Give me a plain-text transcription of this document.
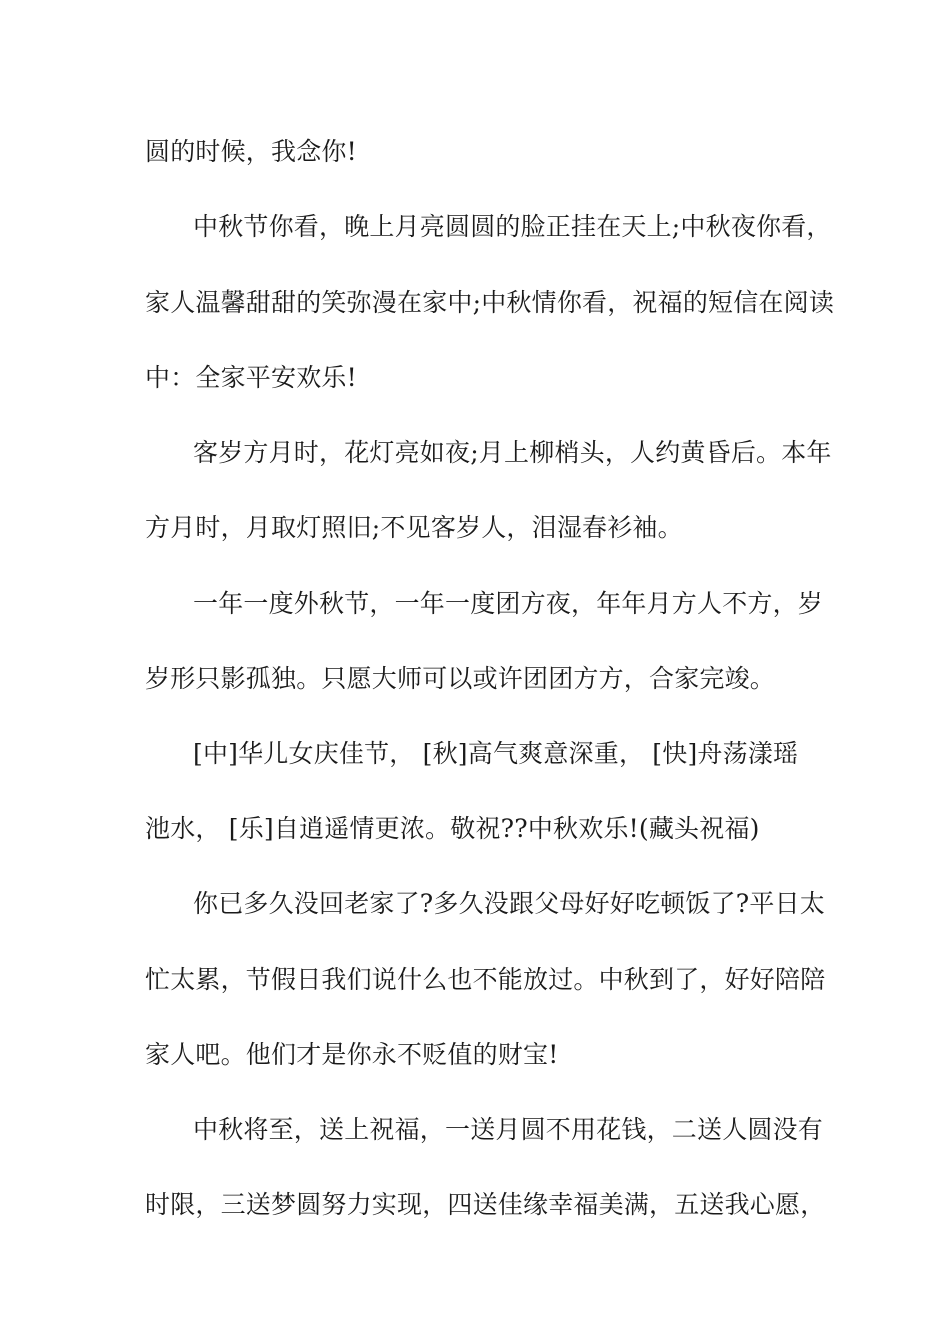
圆的时候，我念你!
中秋节你看，晚上月亮圆圆的脸正挂在天上;中秋夜你看，
家人温馨甜甜的笑弥漫在家中;中秋情你看，祝福的短信在阅读
中：全家平安欢乐!
客岁方月时，花灯亮如夜;月上柳梢头，人约黄昏后。本年
方月时，月取灯照旧;不见客岁人，泪湿春衫袖。
一年一度外秋节，一年一度团方夜，年年月方人不方，岁
岁形只影孤独。只愿大师可以或许团团方方，合家完竣。
[中]华儿女庆佳节， [秋]高气爽意深重， [快]舟荡漾瑶
池水， [乐]自逍遥情更浓。敬祝??中秋欢乐!(藏头祝福)
你已多久没回老家了?多久没跟父母好好吃顿饭了?平日太
忙太累，节假日我们说什么也不能放过。中秋到了，好好陪陪
家人吧。他们才是你永不贬值的财宝!
中秋将至，送上祝福，一送月圆不用花钱，二送人圆没有
时限，三送梦圆努力实现，四送佳缘幸福美满，五送我心愿，
